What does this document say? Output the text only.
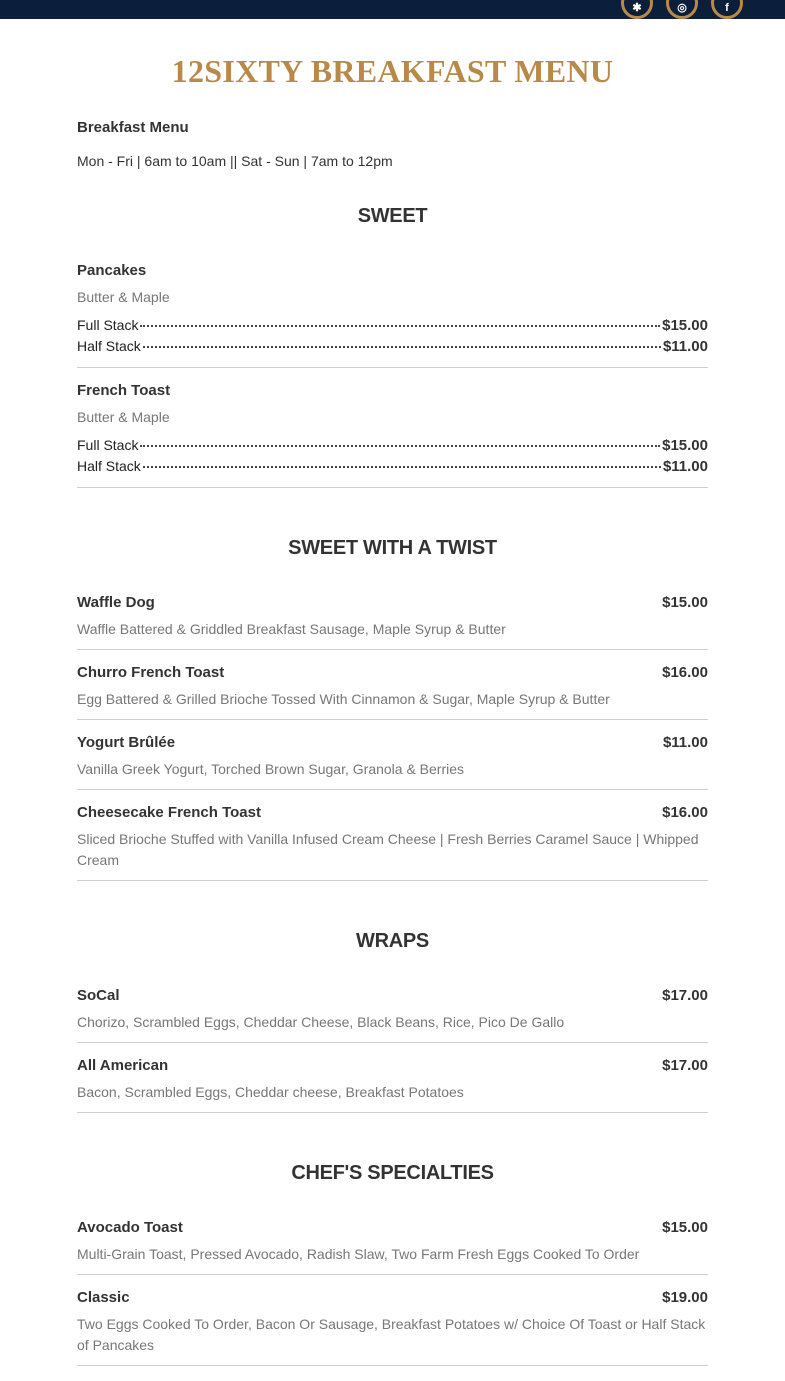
✱	◎	f
12SIXTY BREAKFAST MENU
Breakfast Menu
Mon - Fri | 6am to 10am || Sat - Sun | 7am to 12pm
SWEET
Pancakes
Butter & Maple
Full Stack	$15.00
Half Stack	$11.00
French Toast
Butter & Maple
Full Stack	$15.00
Half Stack	$11.00
SWEET WITH A TWIST
Waffle Dog	$15.00
Waffle Battered & Griddled Breakfast Sausage, Maple Syrup & Butter
Churro French Toast	$16.00
Egg Battered & Grilled Brioche Tossed With Cinnamon & Sugar, Maple Syrup & Butter
Yogurt Brûlée	$11.00
Vanilla Greek Yogurt, Torched Brown Sugar, Granola & Berries
Cheesecake French Toast	$16.00
Sliced Brioche Stuffed with Vanilla Infused Cream Cheese | Fresh Berries Caramel Sauce | Whipped Cream
WRAPS
SoCal	$17.00
Chorizo, Scrambled Eggs, Cheddar Cheese, Black Beans, Rice, Pico De Gallo
All American	$17.00
Bacon, Scrambled Eggs, Cheddar cheese, Breakfast Potatoes
CHEF'S SPECIALTIES
Avocado Toast	$15.00
Multi-Grain Toast, Pressed Avocado, Radish Slaw, Two Farm Fresh Eggs Cooked To Order
Classic	$19.00
Two Eggs Cooked To Order, Bacon Or Sausage, Breakfast Potatoes w/ Choice Of Toast or Half Stack of Pancakes
